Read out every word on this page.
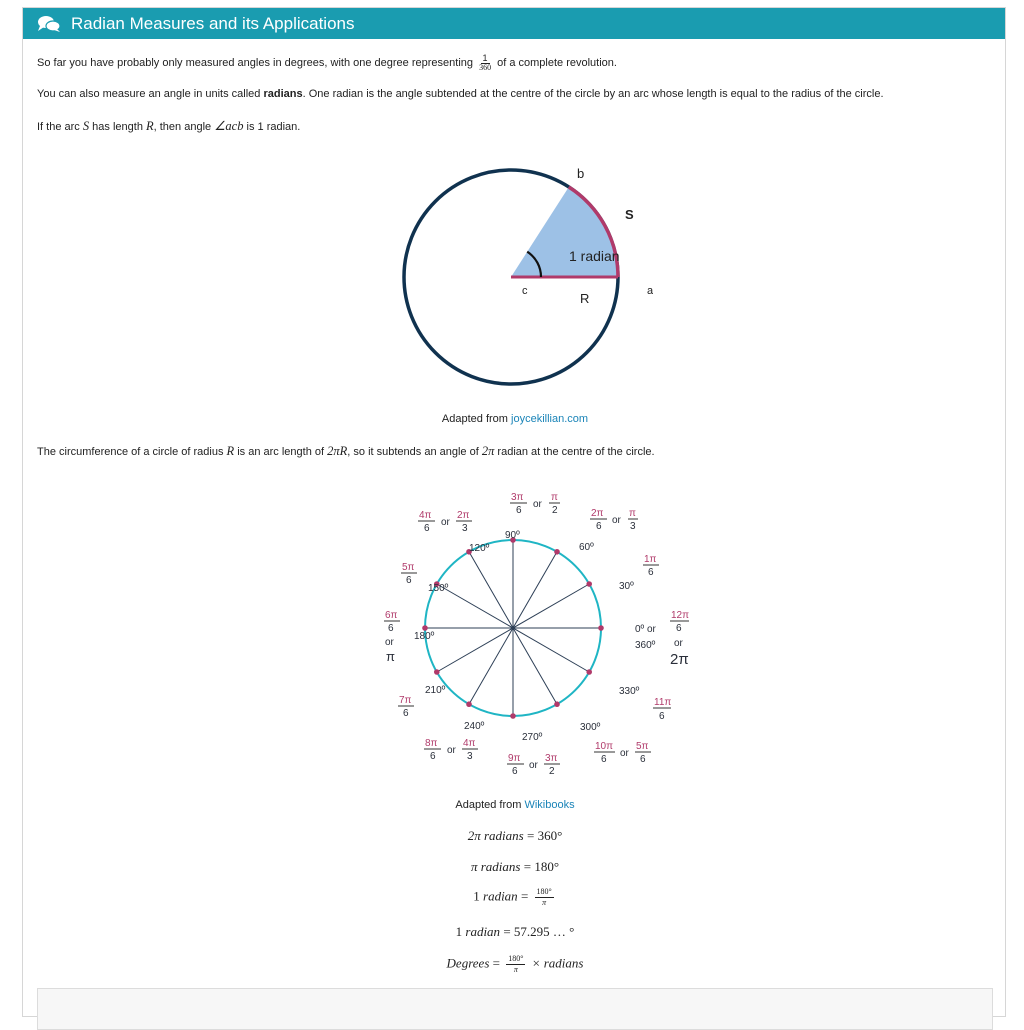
Radian Measures and its Applications
So far you have probably only measured angles in degrees, with one degree representing $\frac{1}{360}$ of a complete revolution.
You can also measure an angle in units called radians. One radian is the angle subtended at the centre of the circle by an arc whose length is equal to the radius of the circle.
If the arc S has length R, then angle ∠acb is 1 radian.
b
S
1 radian
c	R	a
Adapted from joycekillian.com
The circumference of a circle of radius R is an arc length of 2πR, so it subtends an angle of 2π radian at the centre of the circle.
90º
60º
120º
30º
150º
180º
0º or
360º
210º	330º
240º	300º
270º
3π
6
or
π
2	2π
6
or
π
3
4π
6
or
2π
3
1π
6
5π
6
6π
6
or
π
12π
6
or
2π
7π
6
11π
6
8π
6
or
4π
3	9π
6
or
3π
2
10π
6
or
5π
6
Adapted from Wikibooks
2π radians = 360°
π radians = 180°
1 radian = $\frac{180^\circ}{\pi}$
1 radian = 57.295 … °
Degrees = $\frac{180^\circ}{\pi}$ × radians
